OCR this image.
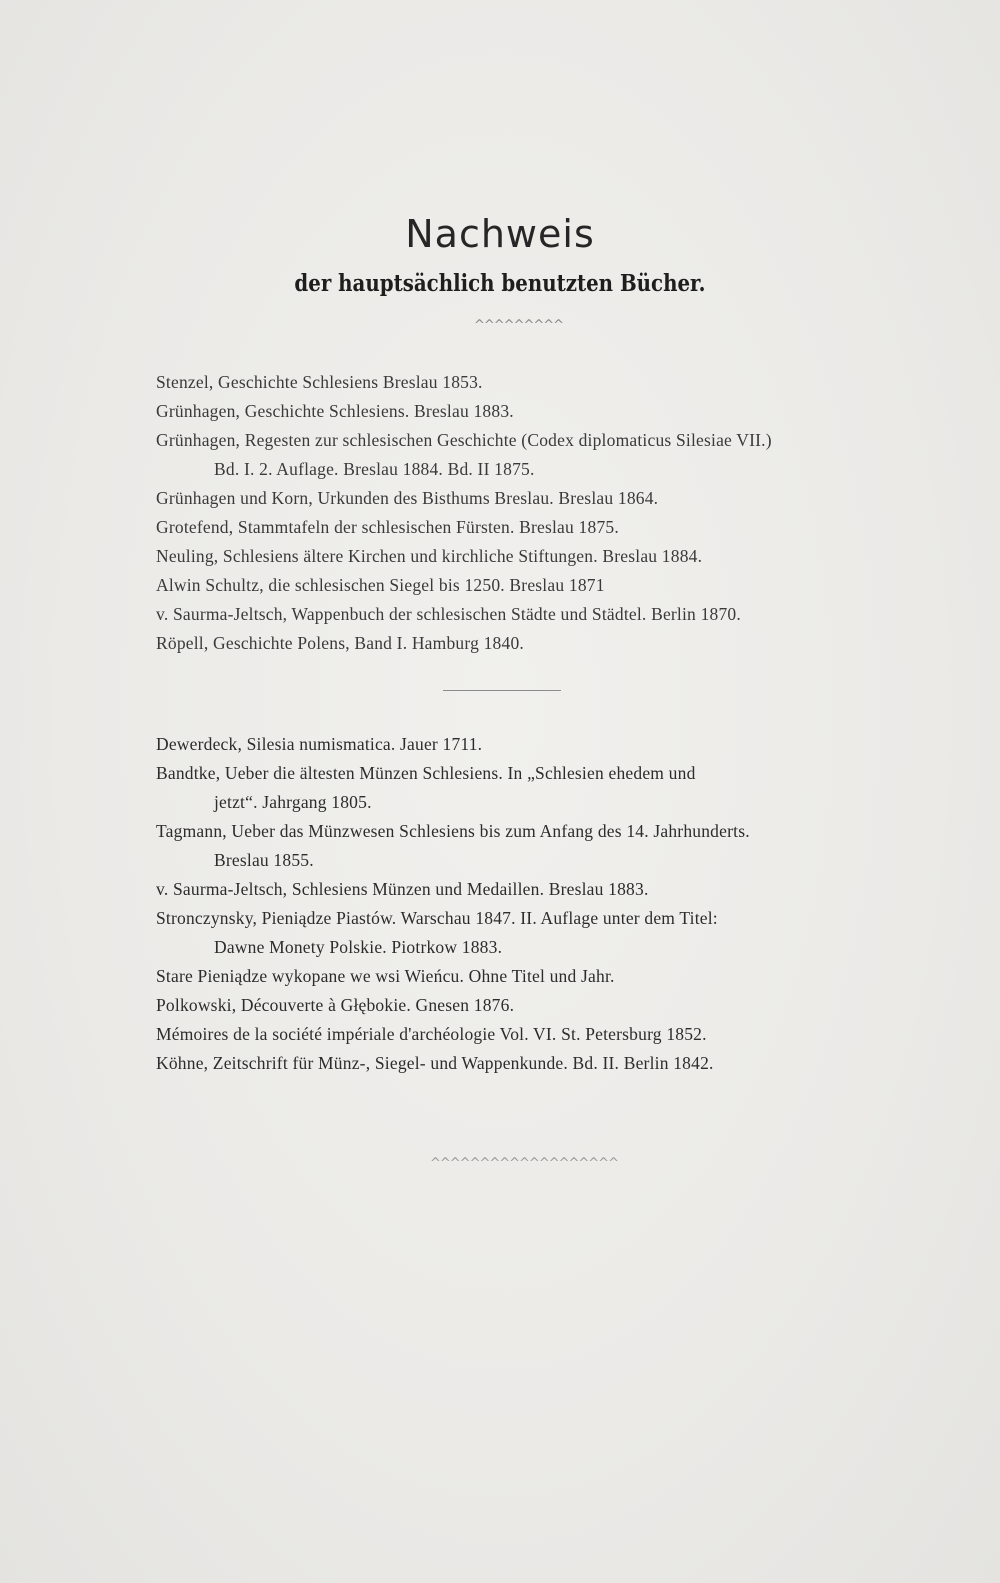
Nachweis
der hauptsächlich benutzten Bücher.
^^^^^^^^^
Stenzel, Geschichte Schlesiens Breslau 1853.
Grünhagen, Geschichte Schlesiens. Breslau 1883.
Grünhagen, Regesten zur schlesischen Geschichte (Codex diplomaticus Silesiae VII.)
Bd. I. 2. Auflage. Breslau 1884. Bd. II 1875.
Grünhagen und Korn, Urkunden des Bisthums Breslau. Breslau 1864.
Grotefend, Stammtafeln der schlesischen Fürsten. Breslau 1875.
Neuling, Schlesiens ältere Kirchen und kirchliche Stiftungen. Breslau 1884.
Alwin Schultz, die schlesischen Siegel bis 1250. Breslau 1871
v. Saurma-Jeltsch, Wappenbuch der schlesischen Städte und Städtel. Berlin 1870.
Röpell, Geschichte Polens, Band I. Hamburg 1840.
Dewerdeck, Silesia numismatica. Jauer 1711.
Bandtke, Ueber die ältesten Münzen Schlesiens. In „Schlesien ehedem und
jetzt“. Jahrgang 1805.
Tagmann, Ueber das Münzwesen Schlesiens bis zum Anfang des 14. Jahrhunderts.
Breslau 1855.
v. Saurma-Jeltsch, Schlesiens Münzen und Medaillen. Breslau 1883.
Stronczynsky, Pieniądze Piastów. Warschau 1847. II. Auflage unter dem Titel:
Dawne Monety Polskie. Piotrkow 1883.
Stare Pieniądze wykopane we wsi Wieńcu. Ohne Titel und Jahr.
Polkowski, Découverte à Głębokie. Gnesen 1876.
Mémoires de la société impériale d'archéologie Vol. VI. St. Petersburg 1852.
Köhne, Zeitschrift für Münz-, Siegel- und Wappenkunde. Bd. II. Berlin 1842.
^^^^^^^^^^^^^^^^^^^
